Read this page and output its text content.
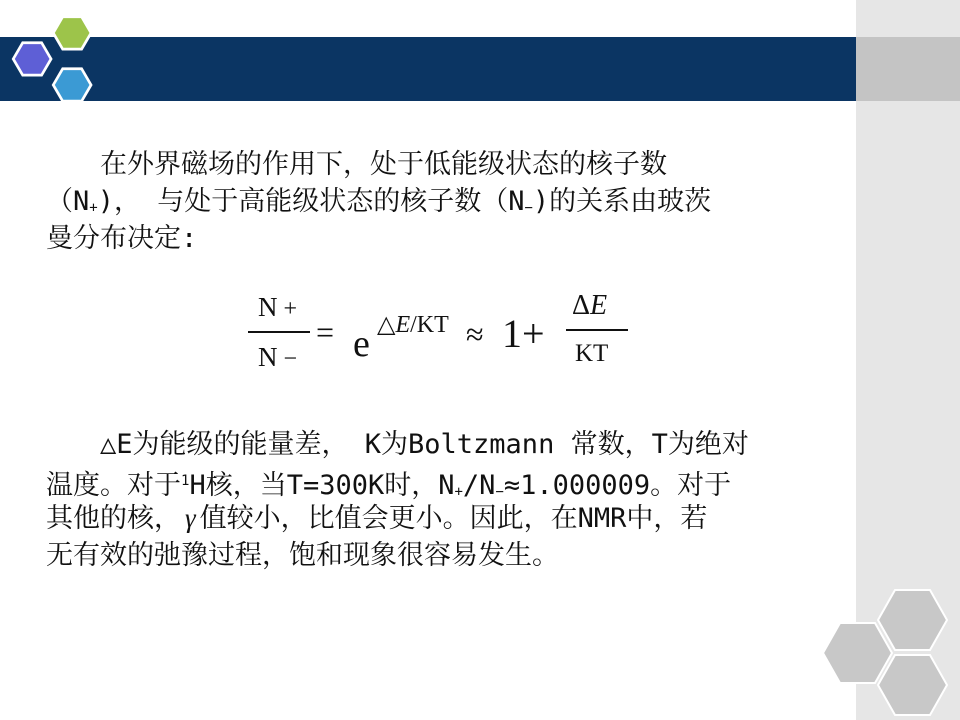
在外界磁场的作用下，处于低能级状态的核子数
$(N_+)$， 与处于高能级状态的核子数$(N_-)$的关系由玻茨
曼分布决定:
N +
N −
= e △E/KT ≈ 1+
ΔE
KT
△E为能级的能量差， K为Boltzmann 常数，T为绝对
温度。对于$^1$H核，当T=300K时，$N_+/N_-\approx 1.000009$。对于
其他的核， γ 值较小，比值会更小。因此，在NMR中，若
无有效的弛豫过程，饱和现象很容易发生。
